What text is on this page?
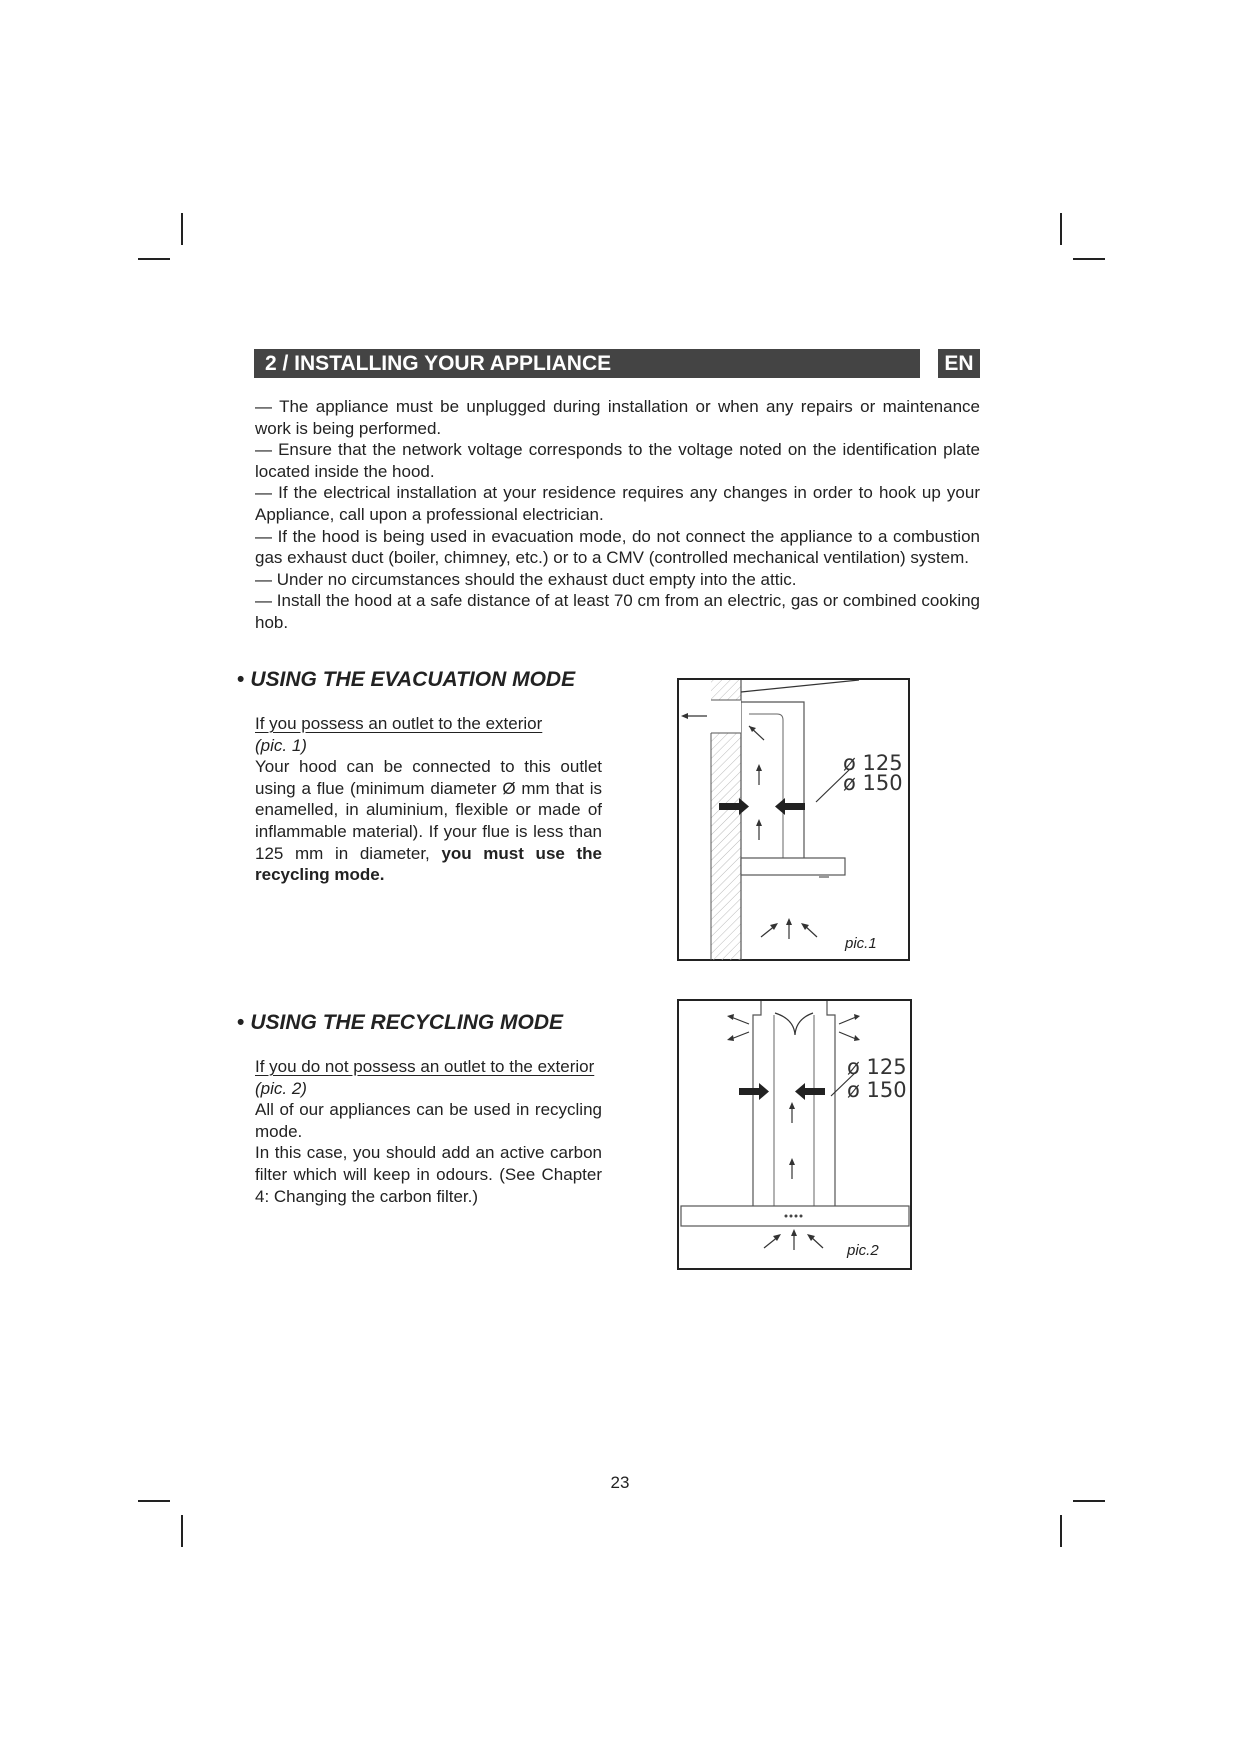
2 / INSTALLING YOUR APPLIANCE	EN

— The appliance must be unplugged during installation or when any repairs or maintenance work is being performed.

— Ensure that the network voltage corresponds to the voltage noted on the identification plate located inside the hood.

— If the electrical installation at your residence requires any changes in order to hook up your Appliance, call upon a professional electrician.

— If the hood is being used in evacuation mode, do not connect the appliance to a combustion gas exhaust duct (boiler, chimney, etc.) or to a CMV (controlled mechanical ventilation) system.

— Under no circumstances should the exhaust duct empty into the attic.

— Install the hood at a safe distance of at least 70 cm from an electric, gas or combined cooking hob.

• USING THE EVACUATION MODE
If you possess an outlet to the exterior
(pic. 1)
Your hood can be connected to this outlet using a flue (minimum diameter Ø mm that is enamelled, in aluminium, flexible or made of inflammable material). If your flue is less than 125 mm in diameter, you must use the recycling mode.
ø 125
ø 150
pic.1
• USING THE RECYCLING MODE
If you do not possess an outlet to the exterior
(pic. 2)
All of our appliances can be used in recycling mode.
In this case, you should add an active carbon filter which will keep in odours. (See Chapter 4: Changing the carbon filter.)
ø 125
ø 150
pic.2
23
